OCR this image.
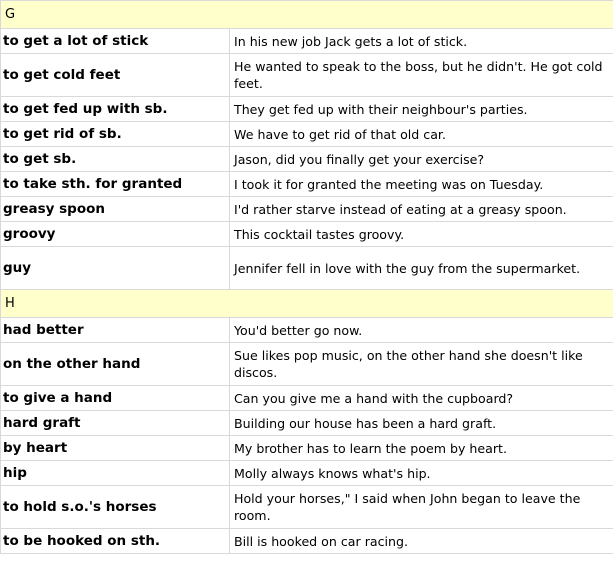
G	
to get a lot of stick	In his new job Jack gets a lot of stick.
to get cold feet	He wanted to speak to the boss, but he didn't. He got cold feet.
to get fed up with sb.	They get fed up with their neighbour's parties.
to get rid of sb.	We have to get rid of that old car.
to get sb.	Jason, did you finally get your exercise?
to take sth. for granted	I took it for granted the meeting was on Tuesday.
greasy spoon	I'd rather starve instead of eating at a greasy spoon.
groovy	This cocktail tastes groovy.
guy	Jennifer fell in love with the guy from the supermarket.
H	
had better	You'd better go now.
on the other hand	Sue likes pop music, on the other hand she doesn't like discos.
to give a hand	Can you give me a hand with the cupboard?
hard graft	Building our house has been a hard graft.
by heart	My brother has to learn the poem by heart.
hip	Molly always knows what's hip.
to hold s.o.'s horses	Hold your horses," I said when John began to leave the room.
to be hooked on sth.	Bill is hooked on car racing.
